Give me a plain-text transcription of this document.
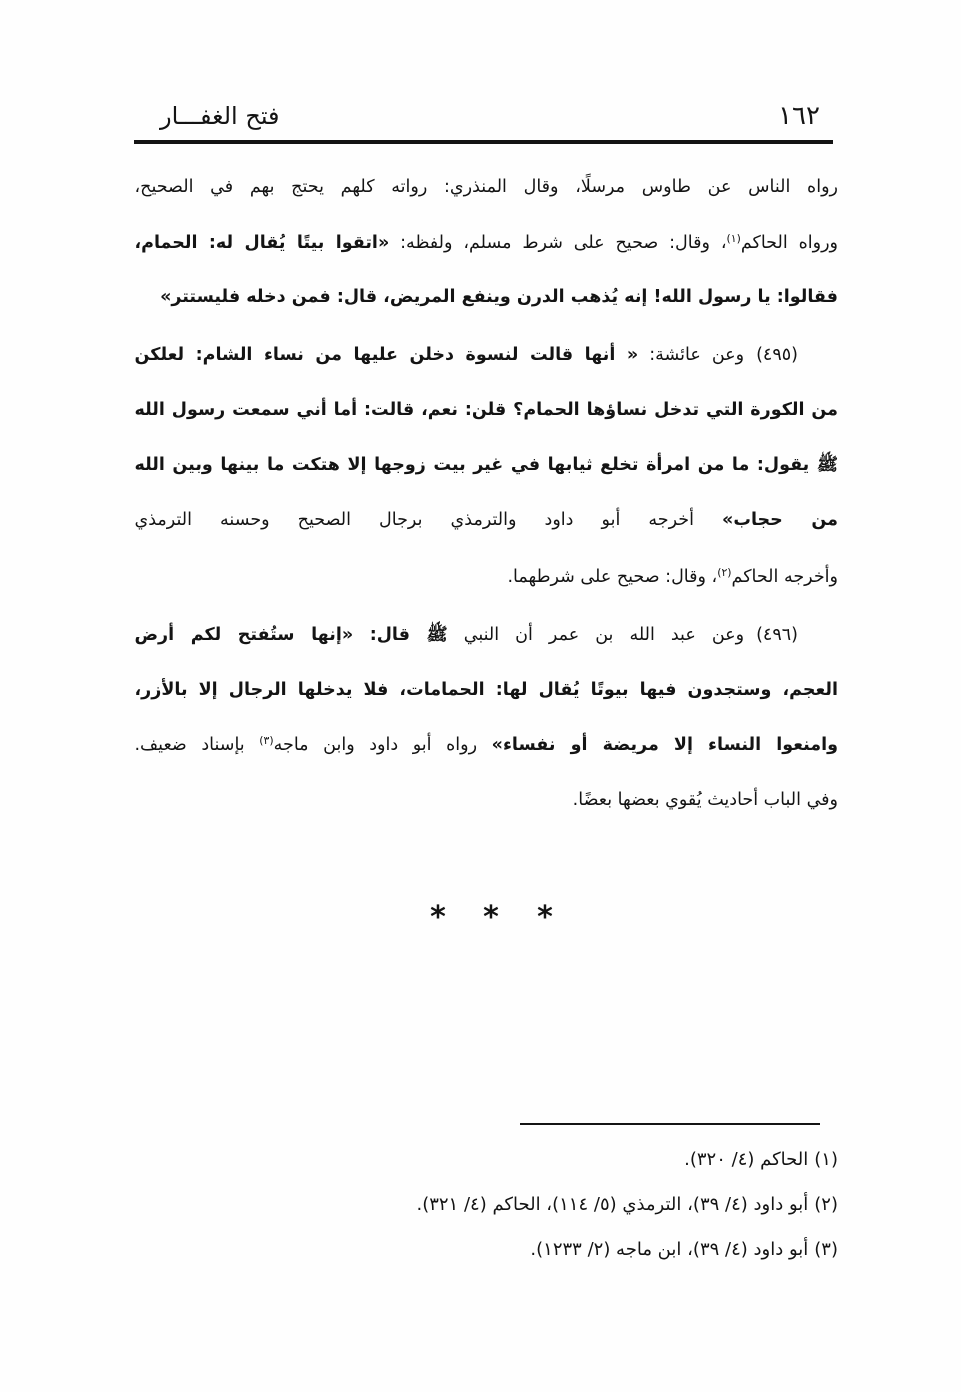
١٦٢
فتح الغفـــار
رواه الناس عن طاوس مرسلًا، وقال المنذري: رواته كلهم يحتج بهم في الصحيح،
ورواه الحاكم$^{(١)}$، وقال: صحيح على شرط مسلم، ولفظه: «اتقوا بيتًا يُقال له: الحمام،
فقالوا: يا رسول الله! إنه يُذهب الدرن وينفع المريض، قال: فمن دخله فليستتر»
(٤٩٥)وعن عائشة: « أنها قالت لنسوة دخلن عليها من نساء الشام: لعلكن
من الكورة التي تدخل نساؤها الحمام؟ قلن: نعم، قالت: أما أني سمعت رسول الله
ﷺ يقول: ما من امرأة تخلع ثيابها في غير بيت زوجها إلا هتكت ما بينها وبين الله
من حجاب» أخرجه أبو داود والترمذي برجال الصحيح وحسنه الترمذي
وأخرجه الحاكم$^{(٢)}$، وقال: صحيح على شرطهما.
(٤٩٦)وعن عبد الله بن عمر أن النبي ﷺ قال: «إنها ستُفتح لكم أرض
العجم، وستجدون فيها بيوتًا يُقال لها: الحمامات، فلا يدخلها الرجال إلا بالأزر،
وامنعوا النساء إلا مريضة أو نفساء» رواه أبو داود وابن ماجه$^{(٣)}$ بإسناد ضعيف.
وفي الباب أحاديث يُقوي بعضها بعضًا.
* * *
(١)الحاكم (٤/ ٣٢٠).
(٢)أبو داود (٤/ ٣٩)، الترمذي (٥/ ١١٤)، الحاكم (٤/ ٣٢١).
(٣)أبو داود (٤/ ٣٩)، ابن ماجه (٢/ ١٢٣٣).
